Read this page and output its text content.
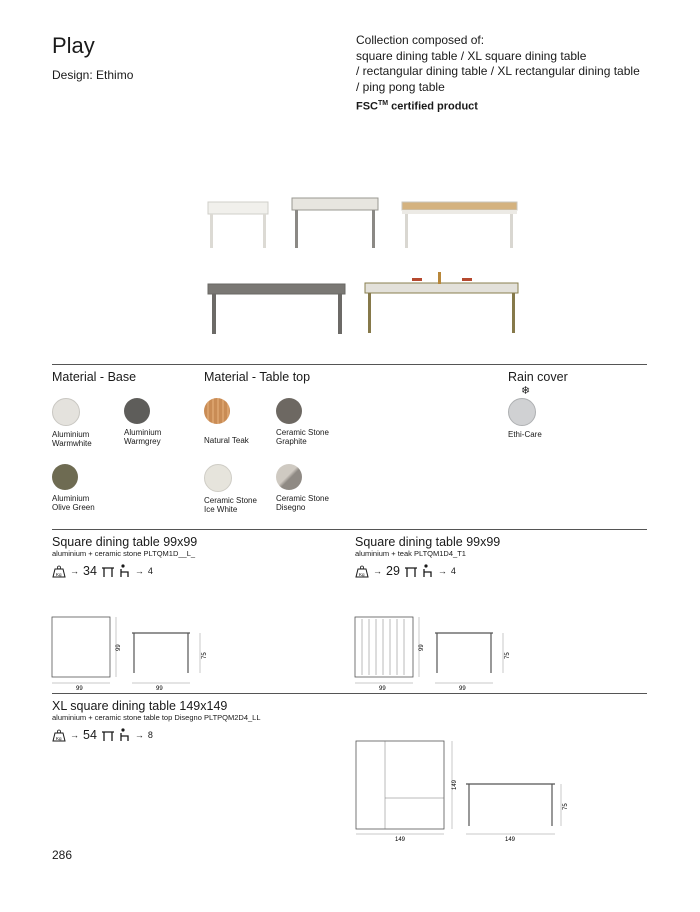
Play
Design: Ethimo
Collection composed of:
square dining table / XL square dining table
/ rectangular dining table / XL rectangular dining table
/ ping pong table
FSC™ certified product
Material - Base	Material - Table top	Rain cover
Aluminium
Warmwhite
Aluminium
Warmgrey
Aluminium
Olive Green
Natural Teak
Ceramic Stone
Graphite
Ceramic Stone
Ice White
Ceramic Stone
Disegno
❄
Ethi-Care
Square dining table 99x99
aluminium + ceramic stone PLTQM1D__L_
Kg → 34	→ 4
99
99
75
99
Square dining table 99x99
aluminium + teak PLTQM1D4_T1
Kg → 29	→ 4
99
99
75
99
XL square dining table 149x149
aluminium + ceramic stone table top Disegno PLTPQM2D4_LL
Kg → 54	→ 8
149
149
75
149
286
